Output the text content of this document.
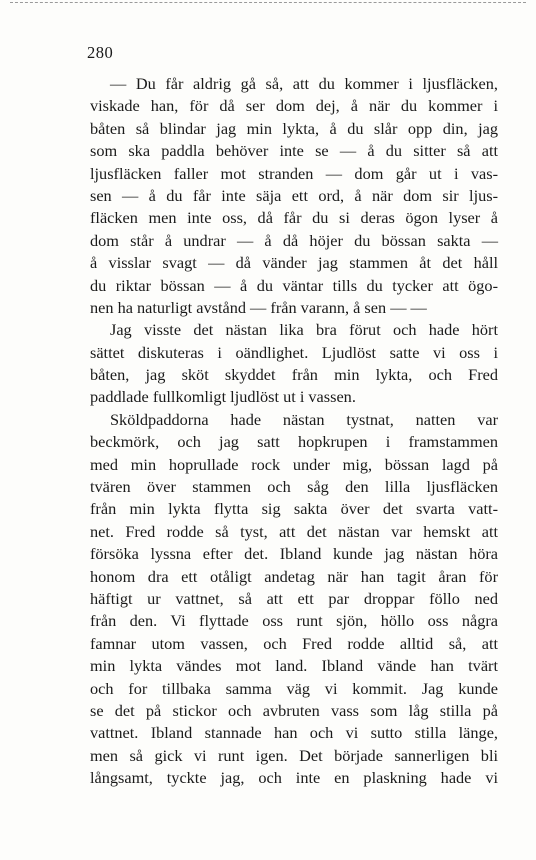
280
— Du får aldrig gå så, att du kommer i ljusfläcken,
viskade han, för då ser dom dej, å när du kommer i
båten så blindar jag min lykta, å du slår opp din, jag
som ska paddla behöver inte se — å du sitter så att
ljusfläcken faller mot stranden — dom går ut i vas-
sen — å du får inte säja ett ord, å när dom sir ljus-
fläcken men inte oss, då får du si deras ögon lyser å
dom står å undrar — å då höjer du bössan sakta —
å visslar svagt — då vänder jag stammen åt det håll
du riktar bössan — å du väntar tills du tycker att ögo-
nen ha naturligt avstånd — från varann, å sen — —
Jag visste det nästan lika bra förut och hade hört
sättet diskuteras i oändlighet. Ljudlöst satte vi oss i
båten, jag sköt skyddet från min lykta, och Fred
paddlade fullkomligt ljudlöst ut i vassen.
Sköldpaddorna hade nästan tystnat, natten var
beckmörk, och jag satt hopkrupen i framstammen
med min hoprullade rock under mig, bössan lagd på
tvären över stammen och såg den lilla ljusfläcken
från min lykta flytta sig sakta över det svarta vatt-
net. Fred rodde så tyst, att det nästan var hemskt att
försöka lyssna efter det. Ibland kunde jag nästan höra
honom dra ett otåligt andetag när han tagit åran för
häftigt ur vattnet, så att ett par droppar föllo ned
från den. Vi flyttade oss runt sjön, höllo oss några
famnar utom vassen, och Fred rodde alltid så, att
min lykta vändes mot land. Ibland vände han tvärt
och for tillbaka samma väg vi kommit. Jag kunde
se det på stickor och avbruten vass som låg stilla på
vattnet. Ibland stannade han och vi sutto stilla länge,
men så gick vi runt igen. Det började sannerligen bli
långsamt, tyckte jag, och inte en plaskning hade vi
